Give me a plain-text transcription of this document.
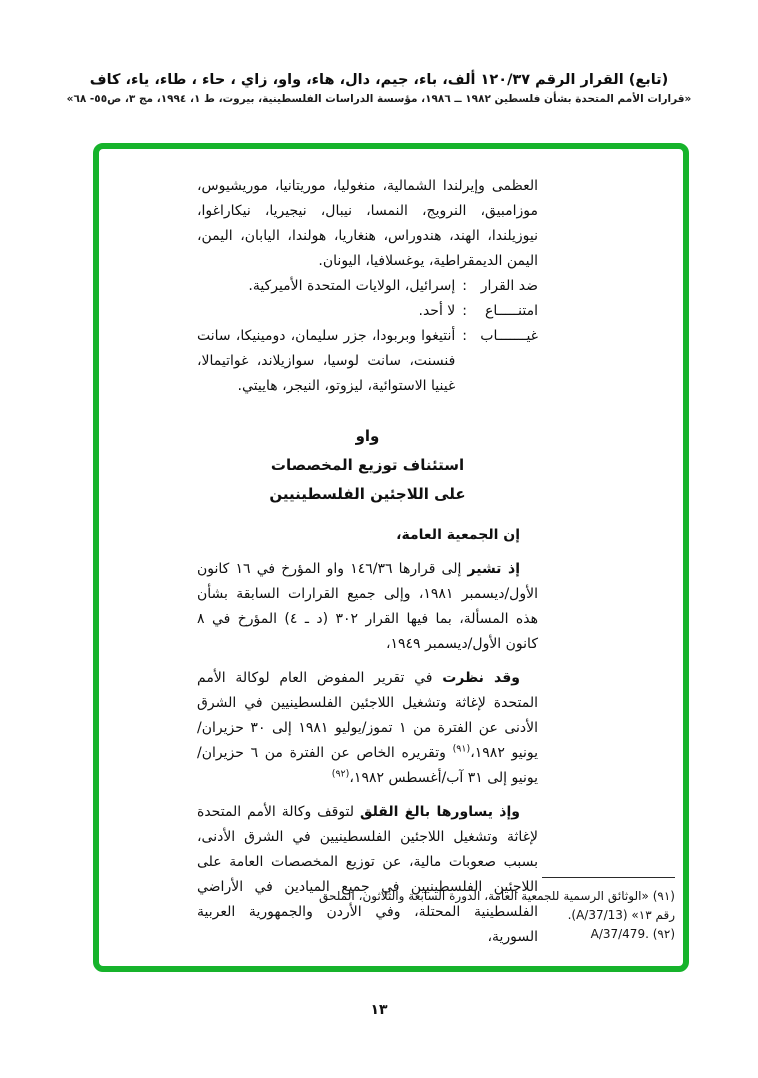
(تابع) القرار الرقم ١٢٠/٣٧ ألف، باء، جيم، دال، هاء، واو، زاي ، حاء ، طاء، ياء، كاف
«قرارات الأمم المتحدة بشأن فلسطين ١٩٨٢ ــ ١٩٨٦، مؤسسة الدراسات الفلسطينية، بيروت، ط ١، ١٩٩٤، مج ٣، ص٥٥- ٦٨»

العظمى وإيرلندا الشمالية، منغوليا، موريتانيا، موريشيوس، موزامبيق، النرويج، النمسا، نيبال، نيجيريا، نيكاراغوا، نيوزيلندا، الهند، هندوراس، هنغاريا، هولندا، اليابان، اليمن، اليمن الديمقراطية، يوغسلافيا، اليونان.

ضد القرار
:
إسرائيل، الولايات المتحدة الأميركية.
امتنـــــاع
:
لا أحد.
غيـــــــاب
:
أنتيغوا وبربودا، جزر سليمان، دومينيكا، سانت فنسنت، سانت لوسيا، سوازيلاند، غواتيمالا، غينيا الاستوائية، ليزوتو، النيجر، هاييتي.
واو
استئناف توزيع المخصصات
على اللاجئين الفلسطينيين

إن الجمعية العامة،

إذ تشير إلى قرارها ١٤٦/٣٦ واو المؤرخ في ١٦ كانون الأول/ديسمبر ١٩٨١، وإلى جميع القرارات السابقة بشأن هذه المسألة، بما فيها القرار ٣٠٢ (د ـ ٤) المؤرخ في ٨ كانون الأول/ديسمبر ١٩٤٩،

وقد نظرت في تقرير المفوض العام لوكالة الأمم المتحدة لإغاثة وتشغيل اللاجئين الفلسطينيين في الشرق الأدنى عن الفترة من ١ تموز/يوليو ١٩٨١ إلى ٣٠ حزيران/يونيو ١٩٨٢،$^{(٩١)}$ وتقريره الخاص عن الفترة من ٦ حزيران/يونيو إلى ٣١ آب/أغسطس ١٩٨٢،$^{(٩٢)}$

وإذ يساورها بالغ القلق لتوقف وكالة الأمم المتحدة لإغاثة وتشغيل اللاجئين الفلسطينيين في الشرق الأدنى، بسبب صعوبات مالية، عن توزيع المخصصات العامة على اللاجئين الفلسطينيين في جميع الميادين في الأراضي الفلسطينية المحتلة، وفي الأردن والجمهورية العربية السورية،

(٩١) «الوثائق الرسمية للجمعية العامة، الدورة السابعة والثلاثون، الملحق رقم ١٣» (A/37/13).

(٩٢) A/37/479.

١٣
